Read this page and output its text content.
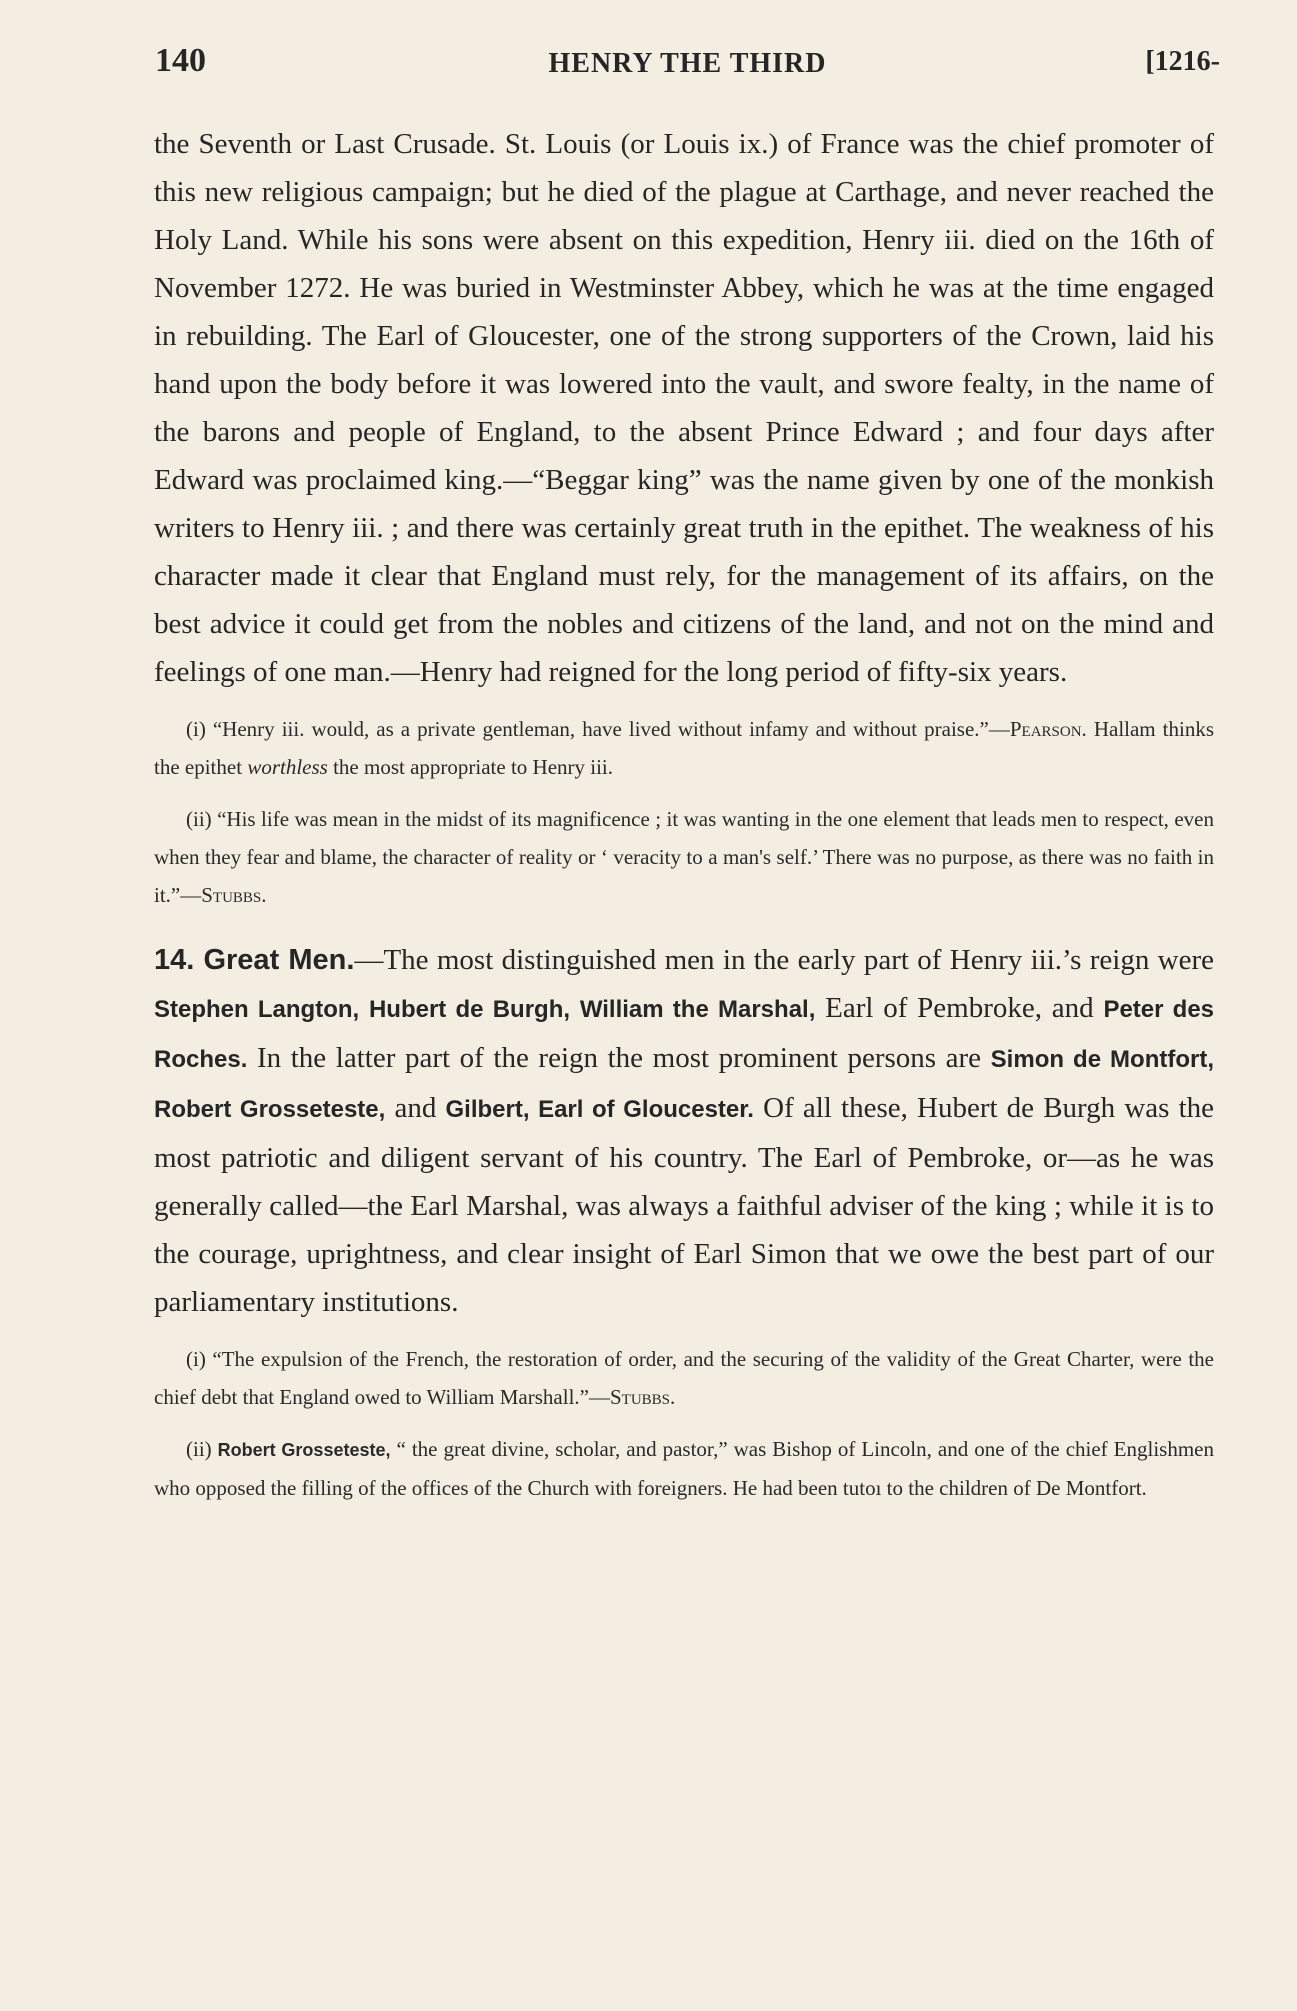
140	HENRY THE THIRD	[1216-

the Seventh or Last Crusade. St. Louis (or Louis ix.) of France was the chief promoter of this new religious campaign; but he died of the plague at Carthage, and never reached the Holy Land. While his sons were absent on this expedition, Henry iii. died on the 16th of November 1272. He was buried in Westminster Abbey, which he was at the time engaged in rebuilding. The Earl of Gloucester, one of the strong supporters of the Crown, laid his hand upon the body before it was lowered into the vault, and swore fealty, in the name of the barons and people of England, to the absent Prince Edward ; and four days after Edward was proclaimed king.—“Beggar king” was the name given by one of the monkish writers to Henry iii. ; and there was certainly great truth in the epithet. The weakness of his character made it clear that England must rely, for the management of its affairs, on the best advice it could get from the nobles and citizens of the land, and not on the mind and feelings of one man.—Henry had reigned for the long period of fifty-six years.

(i) “Henry iii. would, as a private gentleman, have lived without infamy and without praise.”—Pearson. Hallam thinks the epithet worthless the most appropriate to Henry iii.

(ii) “His life was mean in the midst of its magnificence ; it was wanting in the one element that leads men to respect, even when they fear and blame, the character of reality or ‘ veracity to a man's self.’ There was no purpose, as there was no faith in it.”—Stubbs.

14. Great Men.—The most distinguished men in the early part of Henry iii.’s reign were Stephen Langton, Hubert de Burgh, William the Marshal, Earl of Pembroke, and Peter des Roches. In the latter part of the reign the most prominent persons are Simon de Montfort, Robert Grosseteste, and Gilbert, Earl of Gloucester. Of all these, Hubert de Burgh was the most patriotic and diligent servant of his country. The Earl of Pembroke, or—as he was generally called—the Earl Marshal, was always a faithful adviser of the king ; while it is to the courage, uprightness, and clear insight of Earl Simon that we owe the best part of our parliamentary institutions.

(i) “The expulsion of the French, the restoration of order, and the securing of the validity of the Great Charter, were the chief debt that England owed to William Marshall.”—Stubbs.

(ii) Robert Grosseteste, “ the great divine, scholar, and pastor,” was Bishop of Lincoln, and one of the chief Englishmen who opposed the filling of the offices of the Church with foreigners. He had been tutoı to the children of De Montfort.
